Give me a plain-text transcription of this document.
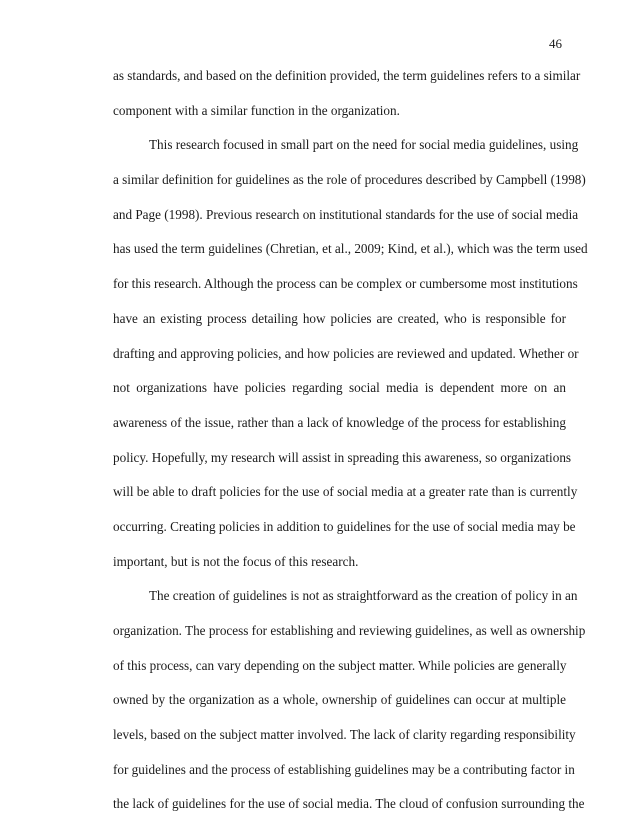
46
as standards, and based on the definition provided, the term guidelines refers to a similar
component with a similar function in the organization.
This research focused in small part on the need for social media guidelines, using
a similar definition for guidelines as the role of procedures described by Campbell (1998)
and Page (1998). Previous research on institutional standards for the use of social media
has used the term guidelines (Chretian, et al., 2009; Kind, et al.), which was the term used
for this research. Although the process can be complex or cumbersome most institutions
have an existing process detailing how policies are created, who is responsible for
drafting and approving policies, and how policies are reviewed and updated. Whether or
not organizations have policies regarding social media is dependent more on an
awareness of the issue, rather than a lack of knowledge of the process for establishing
policy. Hopefully, my research will assist in spreading this awareness, so organizations
will be able to draft policies for the use of social media at a greater rate than is currently
occurring. Creating policies in addition to guidelines for the use of social media may be
important, but is not the focus of this research.
The creation of guidelines is not as straightforward as the creation of policy in an
organization. The process for establishing and reviewing guidelines, as well as ownership
of this process, can vary depending on the subject matter. While policies are generally
owned by the organization as a whole, ownership of guidelines can occur at multiple
levels, based on the subject matter involved. The lack of clarity regarding responsibility
for guidelines and the process of establishing guidelines may be a contributing factor in
the lack of guidelines for the use of social media. The cloud of confusion surrounding the
